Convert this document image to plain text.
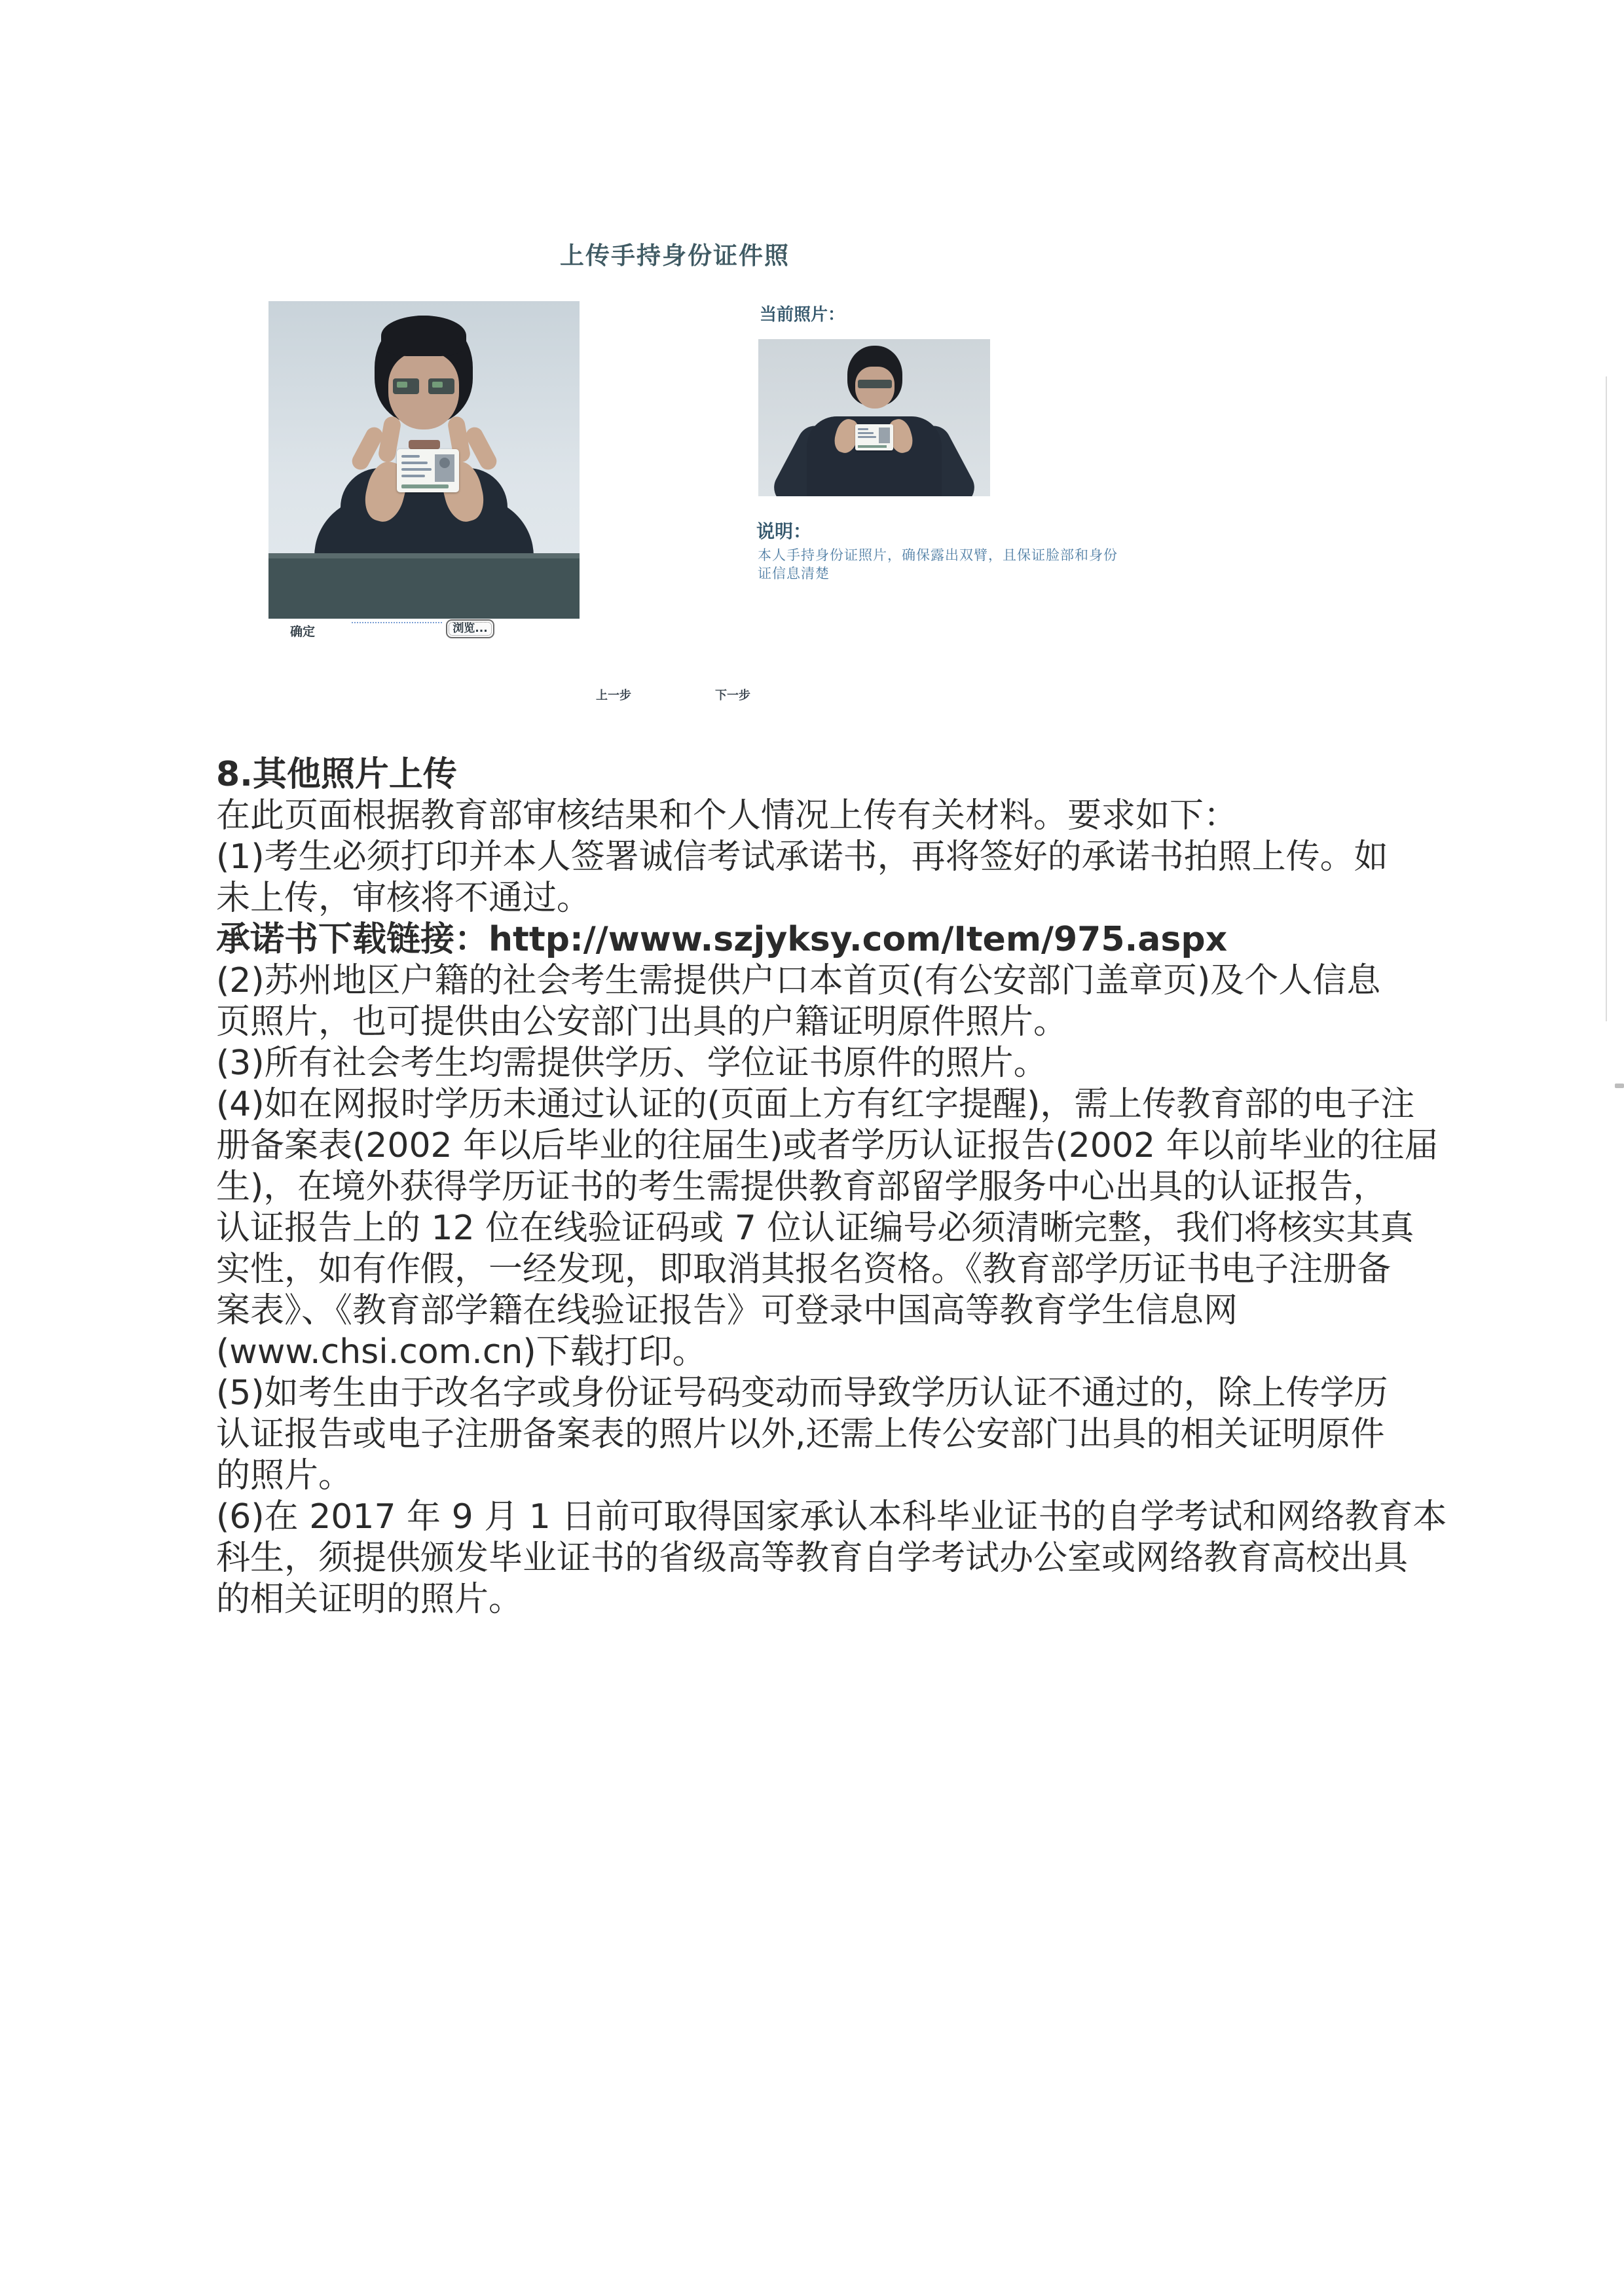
上传手持身份证件照
当前照片：
说明：
本人手持身份证照片，确保露出双臂，且保证脸部和身份
证信息清楚
确定	浏览...
上一步	下一步
8.其他照片上传
在此页面根据教育部审核结果和个人情况上传有关材料。要求如下：
(1)考生必须打印并本人签署诚信考试承诺书，再将签好的承诺书拍照上传。如
未上传，审核将不通过。
承诺书下载链接：http://www.szjyksy.com/Item/975.aspx
(2)苏州地区户籍的社会考生需提供户口本首页(有公安部门盖章页)及个人信息
页照片，也可提供由公安部门出具的户籍证明原件照片。
(3)所有社会考生均需提供学历、学位证书原件的照片。
(4)如在网报时学历未通过认证的(页面上方有红字提醒)，需上传教育部的电子注
册备案表(2002 年以后毕业的往届生)或者学历认证报告(2002 年以前毕业的往届
生)，在境外获得学历证书的考生需提供教育部留学服务中心出具的认证报告，
认证报告上的 12 位在线验证码或 7 位认证编号必须清晰完整，我们将核实其真
实性，如有作假，一经发现，即取消其报名资格。《教育部学历证书电子注册备
案表》、《教育部学籍在线验证报告》可登录中国高等教育学生信息网
(www.chsi.com.cn)下载打印。
(5)如考生由于改名字或身份证号码变动而导致学历认证不通过的，除上传学历
认证报告或电子注册备案表的照片以外,还需上传公安部门出具的相关证明原件
的照片。
(6)在 2017 年 9 月 1 日前可取得国家承认本科毕业证书的自学考试和网络教育本
科生，须提供颁发毕业证书的省级高等教育自学考试办公室或网络教育高校出具
的相关证明的照片。
